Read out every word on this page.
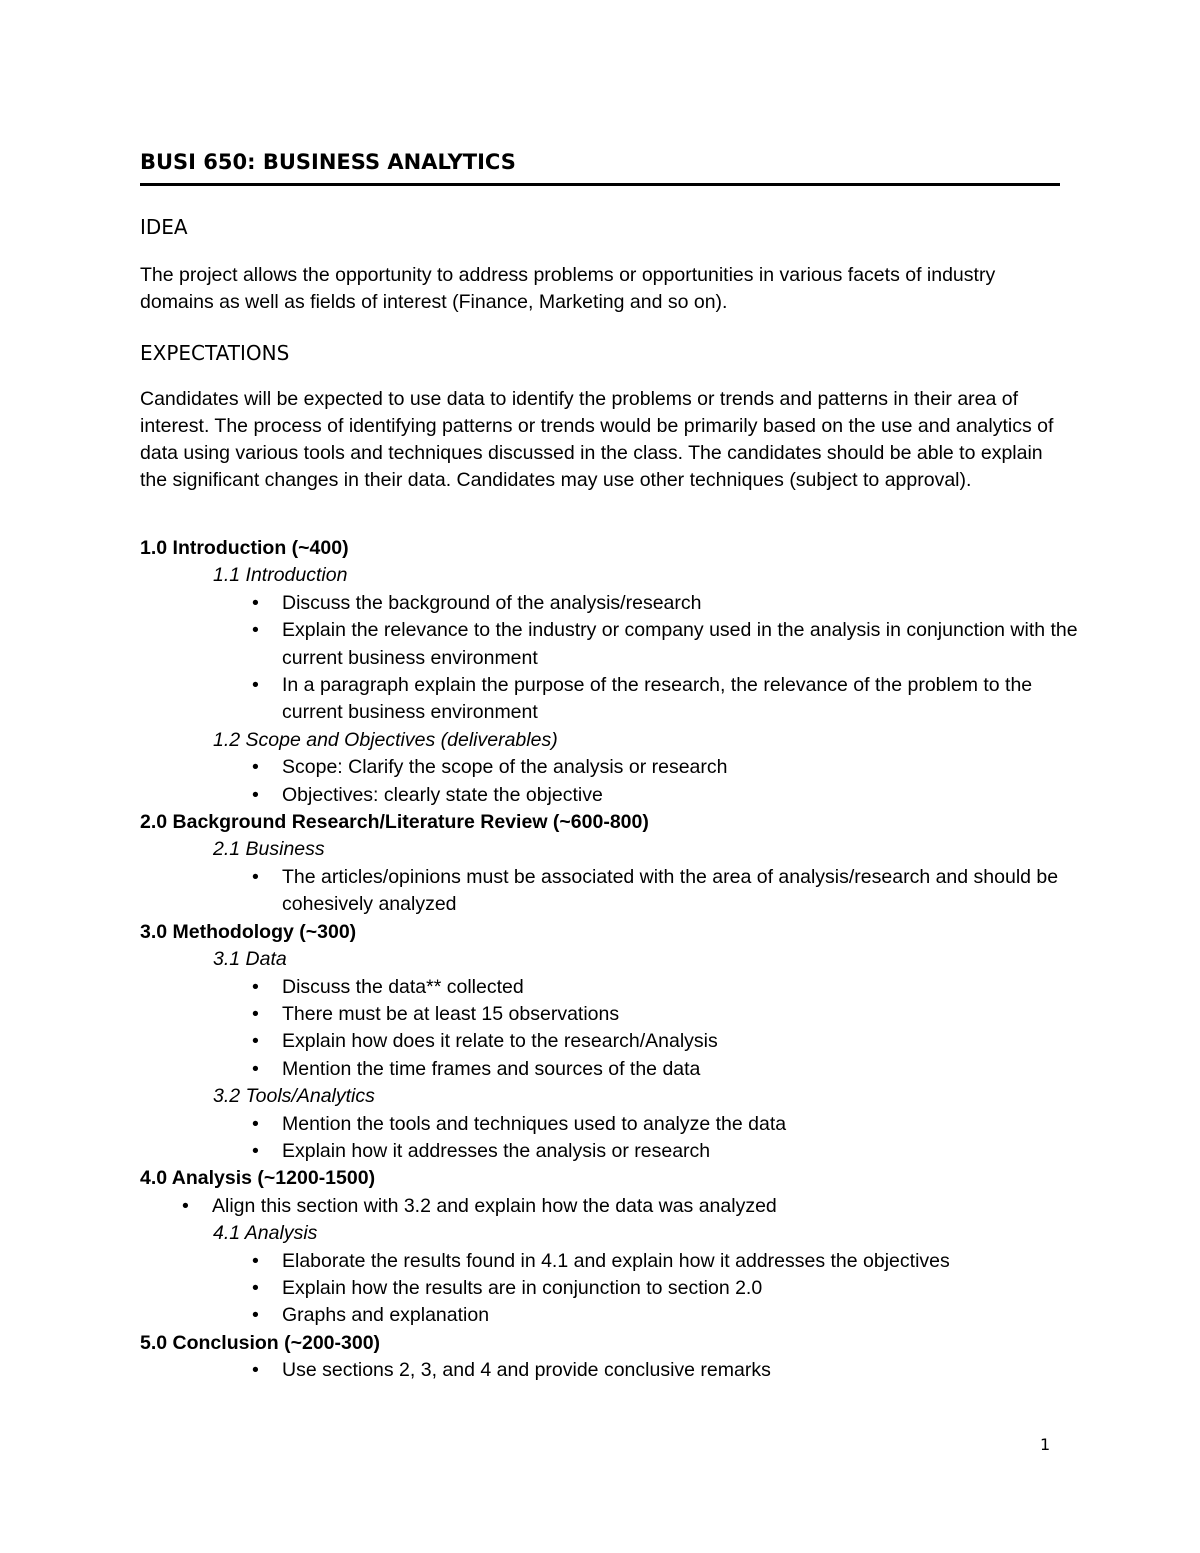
BUSI 650: BUSINESS ANALYTICS
IDEA

The project allows the opportunity to address problems or opportunities in various facets of industry domains as well as fields of interest (Finance, Marketing and so on).

EXPECTATIONS

Candidates will be expected to use data to identify the problems or trends and patterns in their area of interest. The process of identifying patterns or trends would be primarily based on the use and analytics of data using various tools and techniques discussed in the class. The candidates should be able to explain the significant changes in their data. Candidates may use other techniques (subject to approval).

1.0 Introduction (~400)

1.1 Introduction

• Discuss the background of the analysis/research

• Explain the relevance to the industry or company used in the analysis in conjunction with the current business environment

• In a paragraph explain the purpose of the research, the relevance of the problem to the current business environment

1.2 Scope and Objectives (deliverables)

• Scope: Clarify the scope of the analysis or research

• Objectives: clearly state the objective

2.0 Background Research/Literature Review (~600-800)

2.1 Business

• The articles/opinions must be associated with the area of analysis/research and should be cohesively analyzed

3.0 Methodology (~300)

3.1 Data

• Discuss the data** collected

• There must be at least 15 observations

• Explain how does it relate to the research/Analysis

• Mention the time frames and sources of the data

3.2 Tools/Analytics

• Mention the tools and techniques used to analyze the data

• Explain how it addresses the analysis or research

4.0 Analysis (~1200-1500)

• Align this section with 3.2 and explain how the data was analyzed

4.1 Analysis

• Elaborate the results found in 4.1 and explain how it addresses the objectives

• Explain how the results are in conjunction to section 2.0

• Graphs and explanation

5.0 Conclusion (~200-300)

• Use sections 2, 3, and 4 and provide conclusive remarks

1
